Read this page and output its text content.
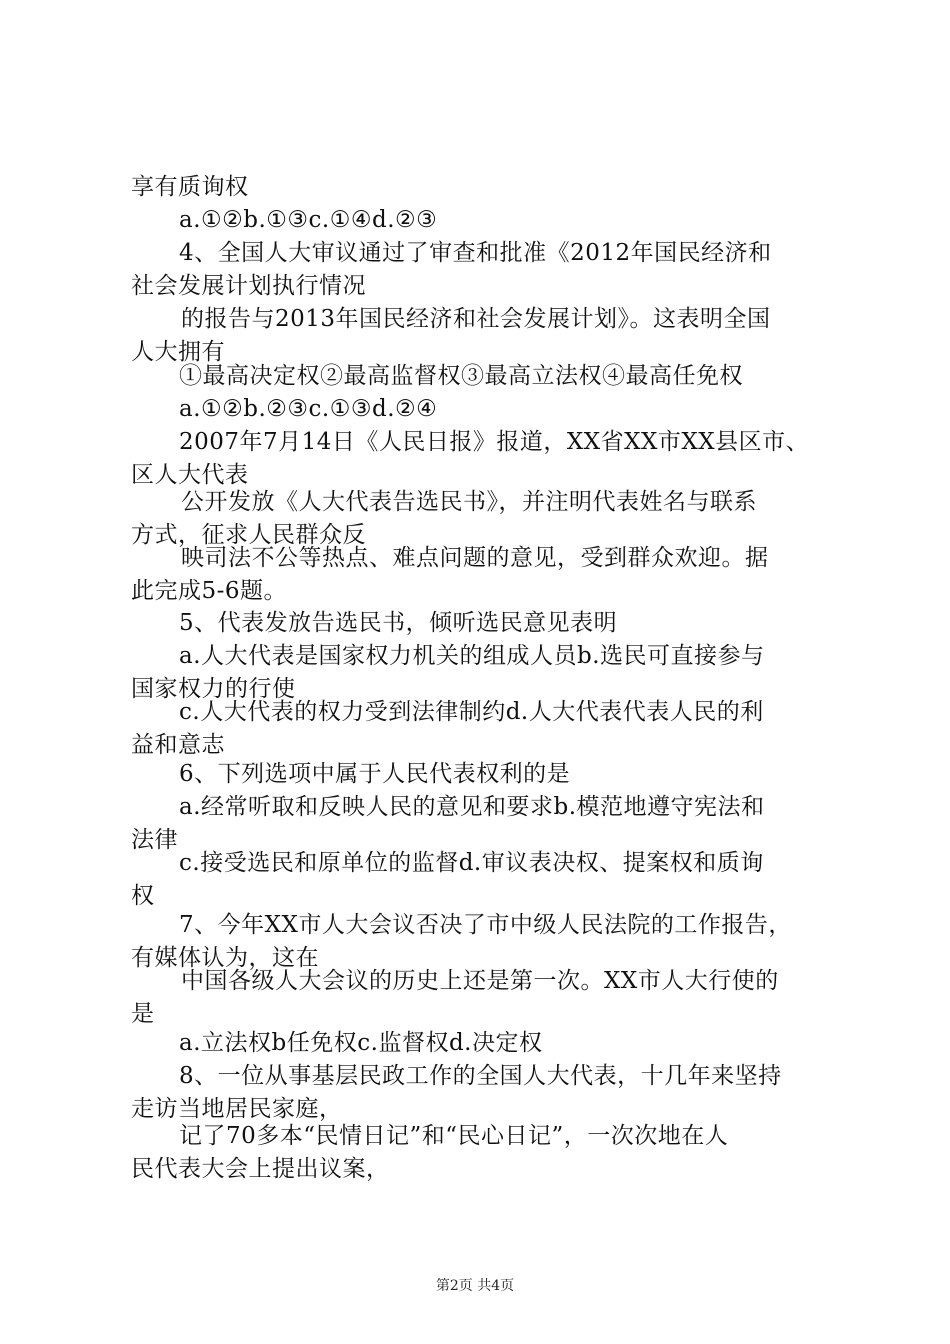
享有质询权
a.①②b.①③c.①④d.②③
4、全国人大审议通过了审查和批准《2012年国民经济和
社会发展计划执行情况
的报告与2013年国民经济和社会发展计划》。这表明全国
人大拥有
①最高决定权②最高监督权③最高立法权④最高任免权
a.①②b.②③c.①③d.②④
2007年7月14日《人民日报》报道，XX省XX市XX县区市、
区人大代表
公开发放《人大代表告选民书》，并注明代表姓名与联系
方式，征求人民群众反
映司法不公等热点、难点问题的意见，受到群众欢迎。据
此完成5-6题。
5、代表发放告选民书，倾听选民意见表明
a.人大代表是国家权力机关的组成人员b.选民可直接参与
国家权力的行使
c.人大代表的权力受到法律制约d.人大代表代表人民的利
益和意志
6、下列选项中属于人民代表权利的是
a.经常听取和反映人民的意见和要求b.模范地遵守宪法和
法律
c.接受选民和原单位的监督d.审议表决权、提案权和质询
权
7、今年XX市人大会议否决了市中级人民法院的工作报告，
有媒体认为，这在
中国各级人大会议的历史上还是第一次。XX市人大行使的
是
a.立法权b任免权c.监督权d.决定权
8、一位从事基层民政工作的全国人大代表，十几年来坚持
走访当地居民家庭，
记了70多本“民情日记”和“民心日记”，一次次地在人
民代表大会上提出议案，
第2页 共4页
